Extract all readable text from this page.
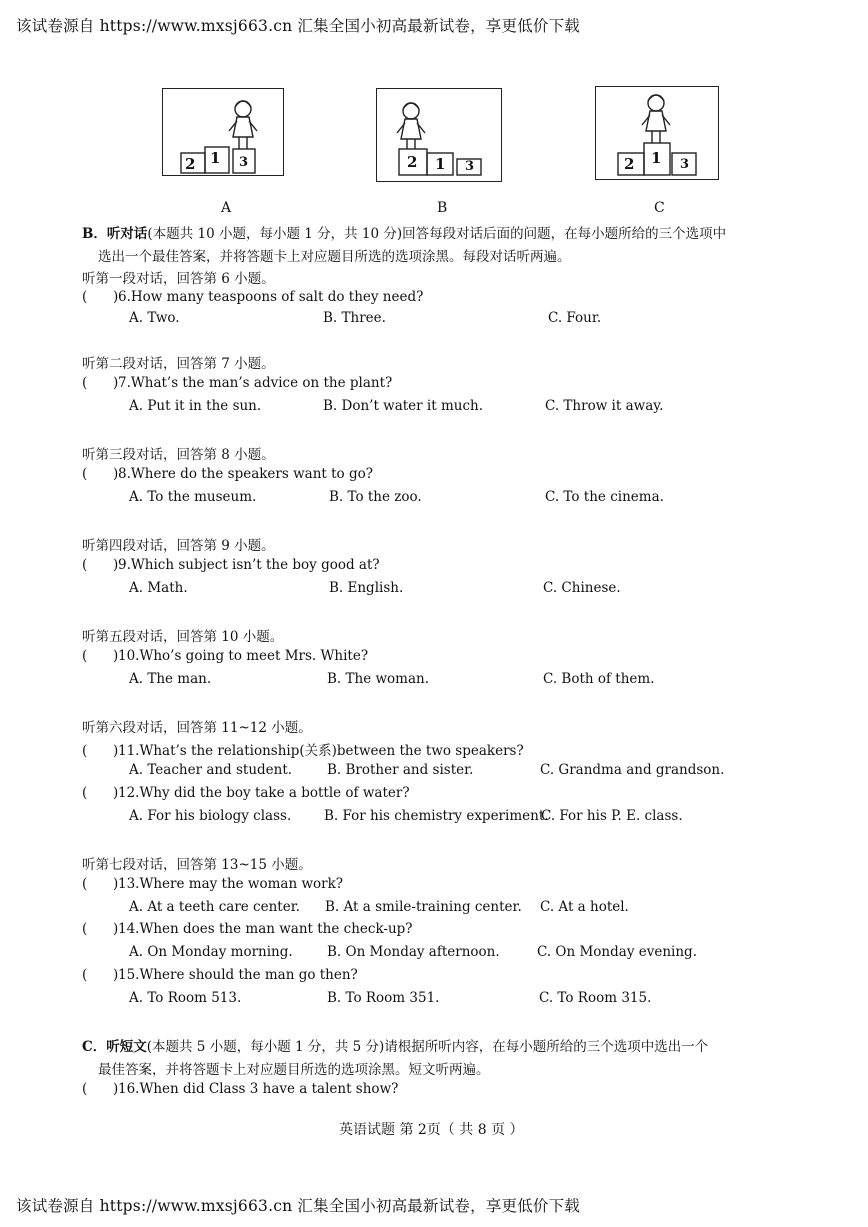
该试卷源自 https://www.mxsj663.cn 汇集全国小初高最新试卷，享更低价下载
2 1 3	2 1 3	2 1 3
A	B	C
B．听对话(本题共 10 小题，每小题 1 分，共 10 分)回答每段对话后面的问题，在每小题所给的三个选项中
选出一个最佳答案，并将答题卡上对应题目所选的选项涂黑。每段对话听两遍。
听第一段对话，回答第 6 小题。
( )6.How many teaspoons of salt do they need?
A. Two.	B. Three.	C. Four.
听第二段对话，回答第 7 小题。
( )7.What’s the man’s advice on the plant?
A. Put it in the sun.	B. Don’t water it much.	C. Throw it away.
听第三段对话，回答第 8 小题。
( )8.Where do the speakers want to go?
A. To the museum.	B. To the zoo.	C. To the cinema.
听第四段对话，回答第 9 小题。
( )9.Which subject isn’t the boy good at?
A. Math.	B. English.	C. Chinese.
听第五段对话，回答第 10 小题。
( )10.Who’s going to meet Mrs. White?
A. The man.	B. The woman.	C. Both of them.
听第六段对话，回答第 11~12 小题。
( )11.What’s the relationship(关系)between the two speakers?
A. Teacher and student.	B. Brother and sister.	C. Grandma and grandson.
( )12.Why did the boy take a bottle of water?
A. For his biology class. B. For his chemistry experiment.
C. For his P. E. class.
听第七段对话，回答第 13~15 小题。
( )13.Where may the woman work?
A. At a teeth care center. B. At a smile-training center. C. At a hotel.
( )14.When does the man want the check-up?
A. On Monday morning.	B. On Monday afternoon.	C. On Monday evening.
( )15.Where should the man go then?
A. To Room 513.	B. To Room 351.	C. To Room 315.
C．听短文(本题共 5 小题，每小题 1 分，共 5 分)请根据所听内容，在每小题所给的三个选项中选出一个
最佳答案，并将答题卡上对应题目所选的选项涂黑。短文听两遍。
( )16.When did Class 3 have a talent show?
英语试题 第 2页（ 共 8 页 ）
该试卷源自 https://www.mxsj663.cn 汇集全国小初高最新试卷，享更低价下载
